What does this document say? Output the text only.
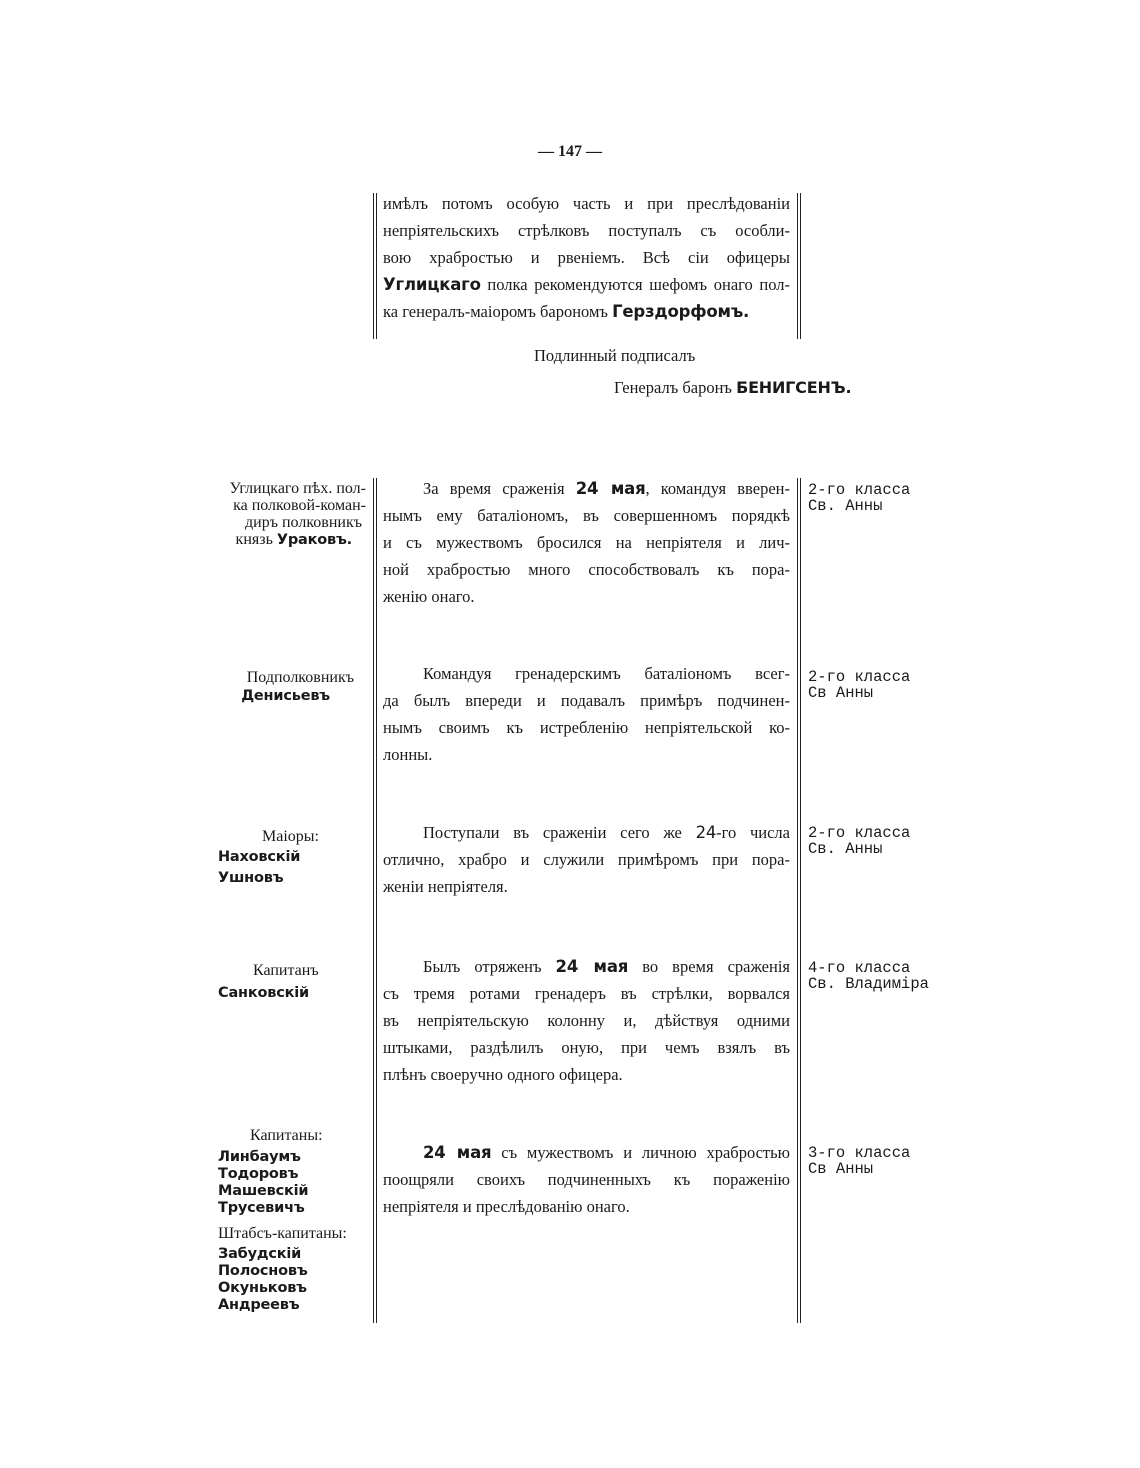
— 147 —
имѣлъ потомъ особую часть и при преслѣдованіи
непріятельскихъ стрѣлковъ поступалъ съ особли-
вою храбростью и рвеніемъ. Всѣ сіи офицеры
Углицкаго полка рекомендуются шефомъ онаго пол-
ка генералъ-маіоромъ барономъ Герздорфомъ.
Подлинный подписалъ
Генералъ баронъ БЕНИГСЕНЪ.
Углицкаго пѣх. пол-
ка полковой-коман-
диръ полковникъ
князь Ураковъ.
За время сраженія 24 мая, командуя вверен-
нымъ ему баталіономъ, въ совершенномъ порядкѣ
и съ мужествомъ бросился на непріятеля и лич-
ной храбростью много способствовалъ къ пора-
женію онаго.
2-го класса
Св. Анны
Подполковникъ
Денисьевъ
Командуя гренадерскимъ баталіономъ всег-
да былъ впереди и подавалъ примѣръ подчинен-
нымъ своимъ къ истребленію непріятельской ко-
лонны.
2-го класса
Св Анны
Маіоры:
Наховскій
Ушновъ
Поступали въ сраженіи сего же 24-го числа
отлично, храбро и служили примѣромъ при пора-
женіи непріятеля.
2-го класса
Св. Анны
Капитанъ
Санковскій
Былъ отряженъ 24 мая во время сраженія
съ тремя ротами гренадеръ въ стрѣлки, ворвался
въ непріятельскую колонну и, дѣйствуя одними
штыками, раздѣлилъ оную, при чемъ взялъ въ
плѣнъ своеручно одного офицера.
4-го класса
Св. Владиміра
Капитаны:
Линбаумъ
Тодоровъ
Машевскій
Трусевичъ
Штабсъ-капитаны:
Забудскій
Полосновъ
Окуньковъ
Андреевъ
24 мая съ мужествомъ и личною храбростью
поощряли своихъ подчиненныхъ къ пораженію
непріятеля и преслѣдованію онаго.
3-го класса
Св Анны
